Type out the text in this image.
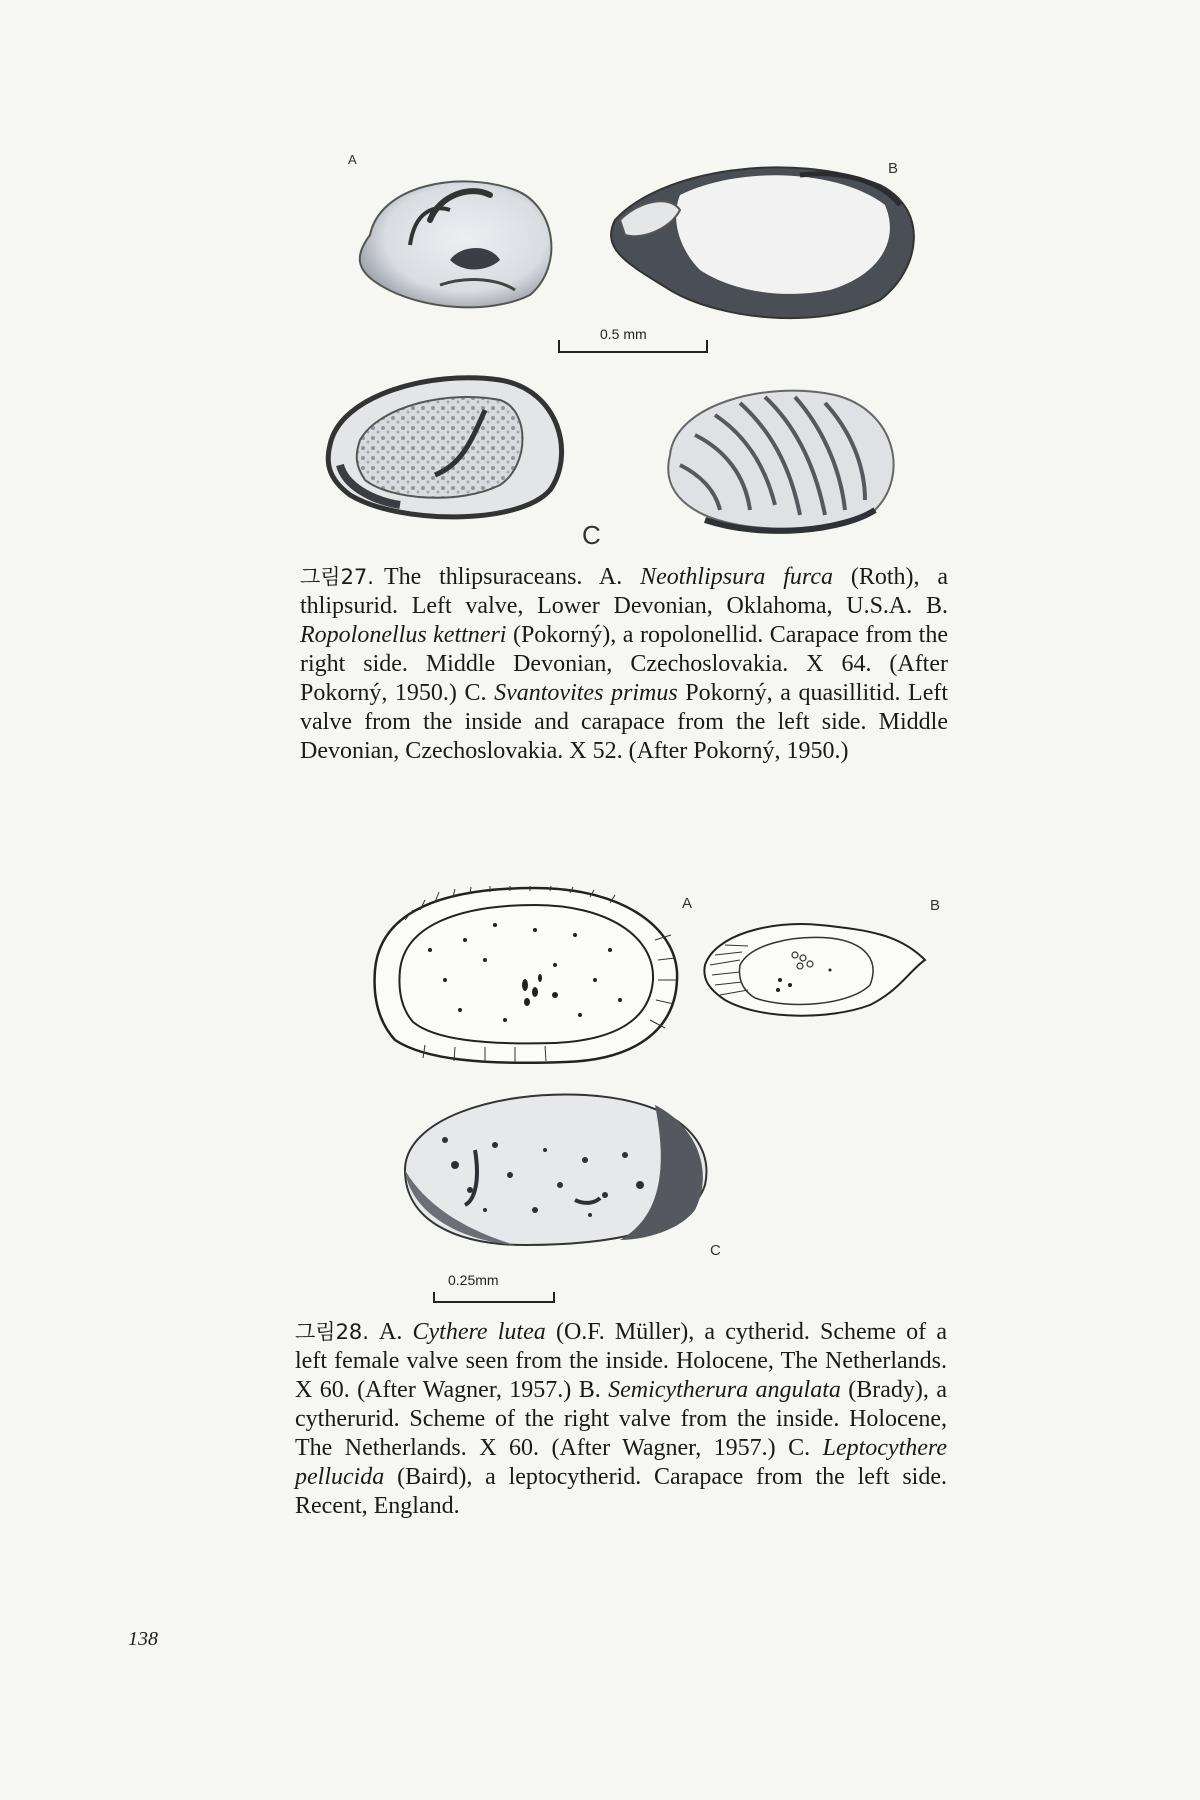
A
B
0.5 mm
C

그림27. The thlipsuraceans. A. Neothlipsura furca (Roth), a thlipsurid. Left valve, Lower Devonian, Oklahoma, U.S.A. B. Ropolonellus kettneri (Pokorný), a ropolonellid. Carapace from the right side. Middle Devonian, Czechoslovakia. X 64. (After Pokorný, 1950.) C. Svantovites primus Pokorný, a quasillitid. Left valve from the inside and carapace from the left side. Middle Devonian, Czechoslovakia. X 52. (After Pokorný, 1950.)

A	B
C
0.25mm

그림28. A. Cythere lutea (O.F. Müller), a cytherid. Scheme of a left female valve seen from the inside. Holocene, The Netherlands. X 60. (After Wagner, 1957.) B. Semicytherura angulata (Brady), a cytherurid. Scheme of the right valve from the inside. Holocene, The Netherlands. X 60. (After Wagner, 1957.) C. Leptocythere pellucida (Baird), a leptocytherid. Carapace from the left side. Recent, England.

138
